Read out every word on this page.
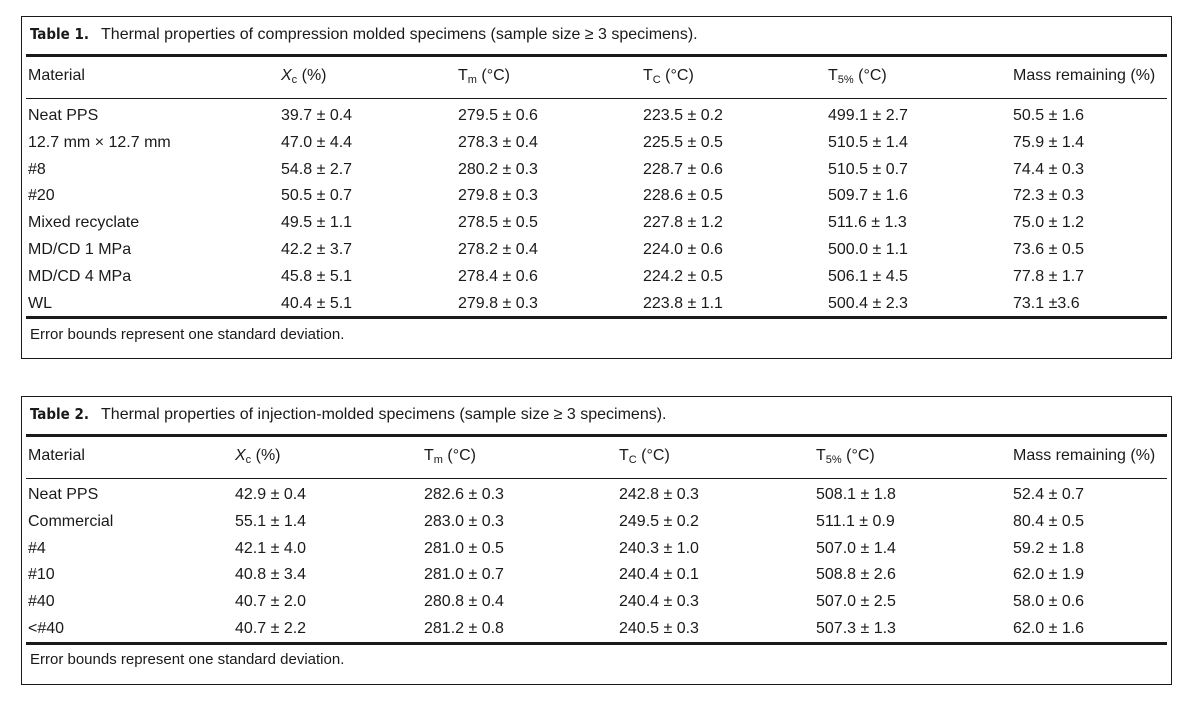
Table 1. Thermal properties of compression molded specimens (sample size ≥ 3 specimens).
Material	$X_c$ (%)	$T_m$ (°C)	$T_C$ (°C)	$T_{5\%}$ (°C)	Mass remaining (%)
Neat PPS	39.7 ± 0.4	279.5 ± 0.6	223.5 ± 0.2	499.1 ± 2.7	50.5 ± 1.6
12.7 mm × 12.7 mm	47.0 ± 4.4	278.3 ± 0.4	225.5 ± 0.5	510.5 ± 1.4	75.9 ± 1.4
#8	54.8 ± 2.7	280.2 ± 0.3	228.7 ± 0.6	510.5 ± 0.7	74.4 ± 0.3
#20	50.5 ± 0.7	279.8 ± 0.3	228.6 ± 0.5	509.7 ± 1.6	72.3 ± 0.3
Mixed recyclate	49.5 ± 1.1	278.5 ± 0.5	227.8 ± 1.2	511.6 ± 1.3	75.0 ± 1.2
MD/CD 1 MPa	42.2 ± 3.7	278.2 ± 0.4	224.0 ± 0.6	500.0 ± 1.1	73.6 ± 0.5
MD/CD 4 MPa	45.8 ± 5.1	278.4 ± 0.6	224.2 ± 0.5	506.1 ± 4.5	77.8 ± 1.7
WL	40.4 ± 5.1	279.8 ± 0.3	223.8 ± 1.1	500.4 ± 2.3	73.1 ±3.6
Error bounds represent one standard deviation.
Table 2. Thermal properties of injection-molded specimens (sample size ≥ 3 specimens).
Material	$X_c$ (%)	$T_m$ (°C)	$T_C$ (°C)	$T_{5\%}$ (°C)	Mass remaining (%)
Neat PPS	42.9 ± 0.4	282.6 ± 0.3	242.8 ± 0.3	508.1 ± 1.8	52.4 ± 0.7
Commercial	55.1 ± 1.4	283.0 ± 0.3	249.5 ± 0.2	511.1 ± 0.9	80.4 ± 0.5
#4	42.1 ± 4.0	281.0 ± 0.5	240.3 ± 1.0	507.0 ± 1.4	59.2 ± 1.8
#10	40.8 ± 3.4	281.0 ± 0.7	240.4 ± 0.1	508.8 ± 2.6	62.0 ± 1.9
#40	40.7 ± 2.0	280.8 ± 0.4	240.4 ± 0.3	507.0 ± 2.5	58.0 ± 0.6
<#40	40.7 ± 2.2	281.2 ± 0.8	240.5 ± 0.3	507.3 ± 1.3	62.0 ± 1.6
Error bounds represent one standard deviation.
